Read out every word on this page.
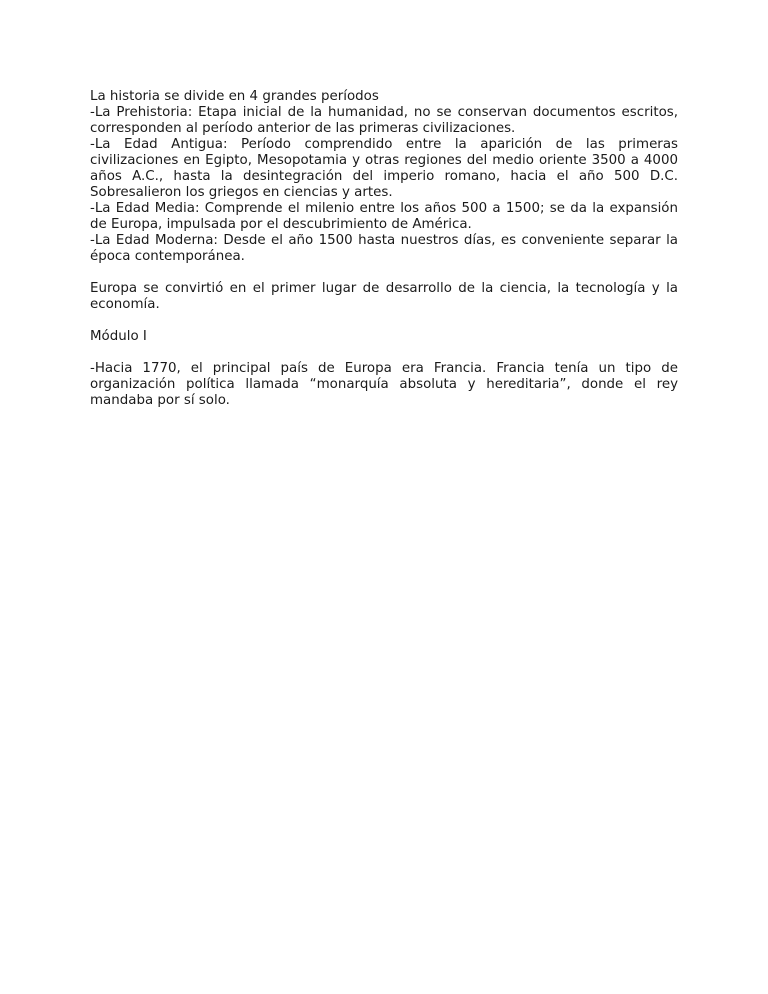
La historia se divide en 4 grandes períodos

-La Prehistoria: Etapa inicial de la humanidad, no se conservan documentos escritos, corresponden al período anterior de las primeras civilizaciones.

-La Edad Antigua: Período comprendido entre la aparición de las primeras civilizaciones en Egipto, Mesopotamia y otras regiones del medio oriente 3500 a 4000 años A.C., hasta la desintegración del imperio romano, hacia el año 500 D.C. Sobresalieron los griegos en ciencias y artes.

-La Edad Media: Comprende el milenio entre los años 500 a 1500; se da la expansión de Europa, impulsada por el descubrimiento de América.

-La Edad Moderna: Desde el año 1500 hasta nuestros días, es conveniente separar la época contemporánea.

Europa se convirtió en el primer lugar de desarrollo de la ciencia, la tecnología y la economía.

Módulo I

-Hacia 1770, el principal país de Europa era Francia. Francia tenía un tipo de organización política llamada “monarquía absoluta y hereditaria”, donde el rey mandaba por sí solo.
